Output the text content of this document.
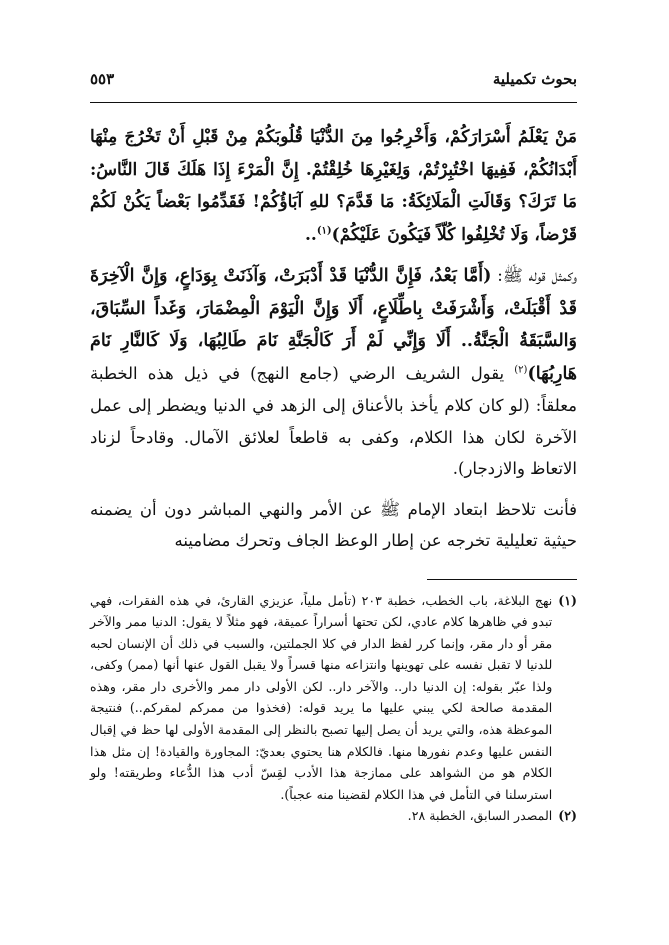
بحوث تكميلية
٥٥٣

مَنْ يَعْلَمُ أَسْرَارَكُمْ، وَأَخْرِجُوا مِنَ الدُّنْيَا قُلُوبَكُمْ مِنْ قَبْلِ أَنْ تَخْرُجَ مِنْهَا أَبْدَانُكُمْ، فَفِيهَا اخْتُبِرْتُمْ، وَلِغَيْرِهَا خُلِقْتُمْ. إِنَّ الْمَرْءَ إِذَا هَلَكَ قَالَ النَّاسُ: مَا تَرَكَ؟ وَقَالَتِ الْمَلَائِكَةُ: مَا قَدَّمَ؟ للهِ آبَاؤُكُمْ! فَقَدِّمُوا بَعْضاً يَكُنْ لَكُمْ قَرْضاً، وَلَا تُخْلِفُوا كُلّاً فَيَكُونَ عَلَيْكُمْ)$^{(١)}$..

وكمثل قوله ﷺ: (أَمَّا بَعْدُ، فَإِنَّ الدُّنْيَا قَدْ أَدْبَرَتْ، وَآذَنَتْ بِوَدَاعٍ، وَإِنَّ الْآخِرَةَ قَدْ أَقْبَلَتْ، وَأَشْرَفَتْ بِاطِّلَاعٍ، أَلَا وَإِنَّ الْيَوْمَ الْمِضْمَارَ، وَغَداً السِّبَاقَ، وَالسَّبَقَةُ الْجَنَّةُ.. أَلَا وَإِنِّي لَمْ أَرَ كَالْجَنَّةِ نَامَ طَالِبُهَا، وَلَا كَالنَّارِ نَامَ هَارِبُهَا)$^{(٢)}$ يقول الشريف الرضي (جامع النهج) في ذيل هذه الخطبة معلقاً: (لو كان كلام يأخذ بالأعناق إلى الزهد في الدنيا ويضطر إلى عمل الآخرة لكان هذا الكلام، وكفى به قاطعاً لعلائق الآمال. وقادحاً لزناد الاتعاظ والازدجار).

فأنت تلاحظ ابتعاد الإمام ﷺ عن الأمر والنهي المباشر دون أن يضمنه حيثية تعليلية تخرجه عن إطار الوعظ الجاف وتحرك مضامينه

(١)
نهج البلاغة، باب الخطب، خطبة ٢٠٣ (تأمل ملياً، عزيزي القارئ، في هذه الفقرات، فهي تبدو في ظاهرها كلام عادي، لكن تحتها أسراراً عميقة، فهو مثلاً لا يقول: الدنيا ممر والآخر مقر أو دار مقر، وإنما كرر لفظ الدار في كلا الجملتين، والسبب في ذلك أن الإنسان لحبه للدنيا لا تقبل نفسه على تهوينها وانتزاعه منها قسراً ولا يقبل القول عنها أنها (ممر) وكفى، ولذا عبّر بقوله: إن الدنيا دار.. والآخر دار.. لكن الأولى دار ممر والأخرى دار مقر، وهذه المقدمة صالحة لكي يبني عليها ما يريد قوله: (فخذوا من ممركم لمقركم..) فنتيجة الموعظة هذه، والتي يريد أن يصل إليها تصبح بالنظر إلى المقدمة الأولى لها حظ في إقبال النفس عليها وعدم نفورها منها. فالكلام هنا يحتوي بعديّ: المجاورة والقيادة! إن مثل هذا الكلام هو من الشواهد على ممازجة هذا الأدب لقِسّ أدب هذا الدُّعاء وطريقته! ولو استرسلنا في التأمل في هذا الكلام لقضينا منه عجباً).

(٢)
المصدر السابق، الخطبة ٢٨.
